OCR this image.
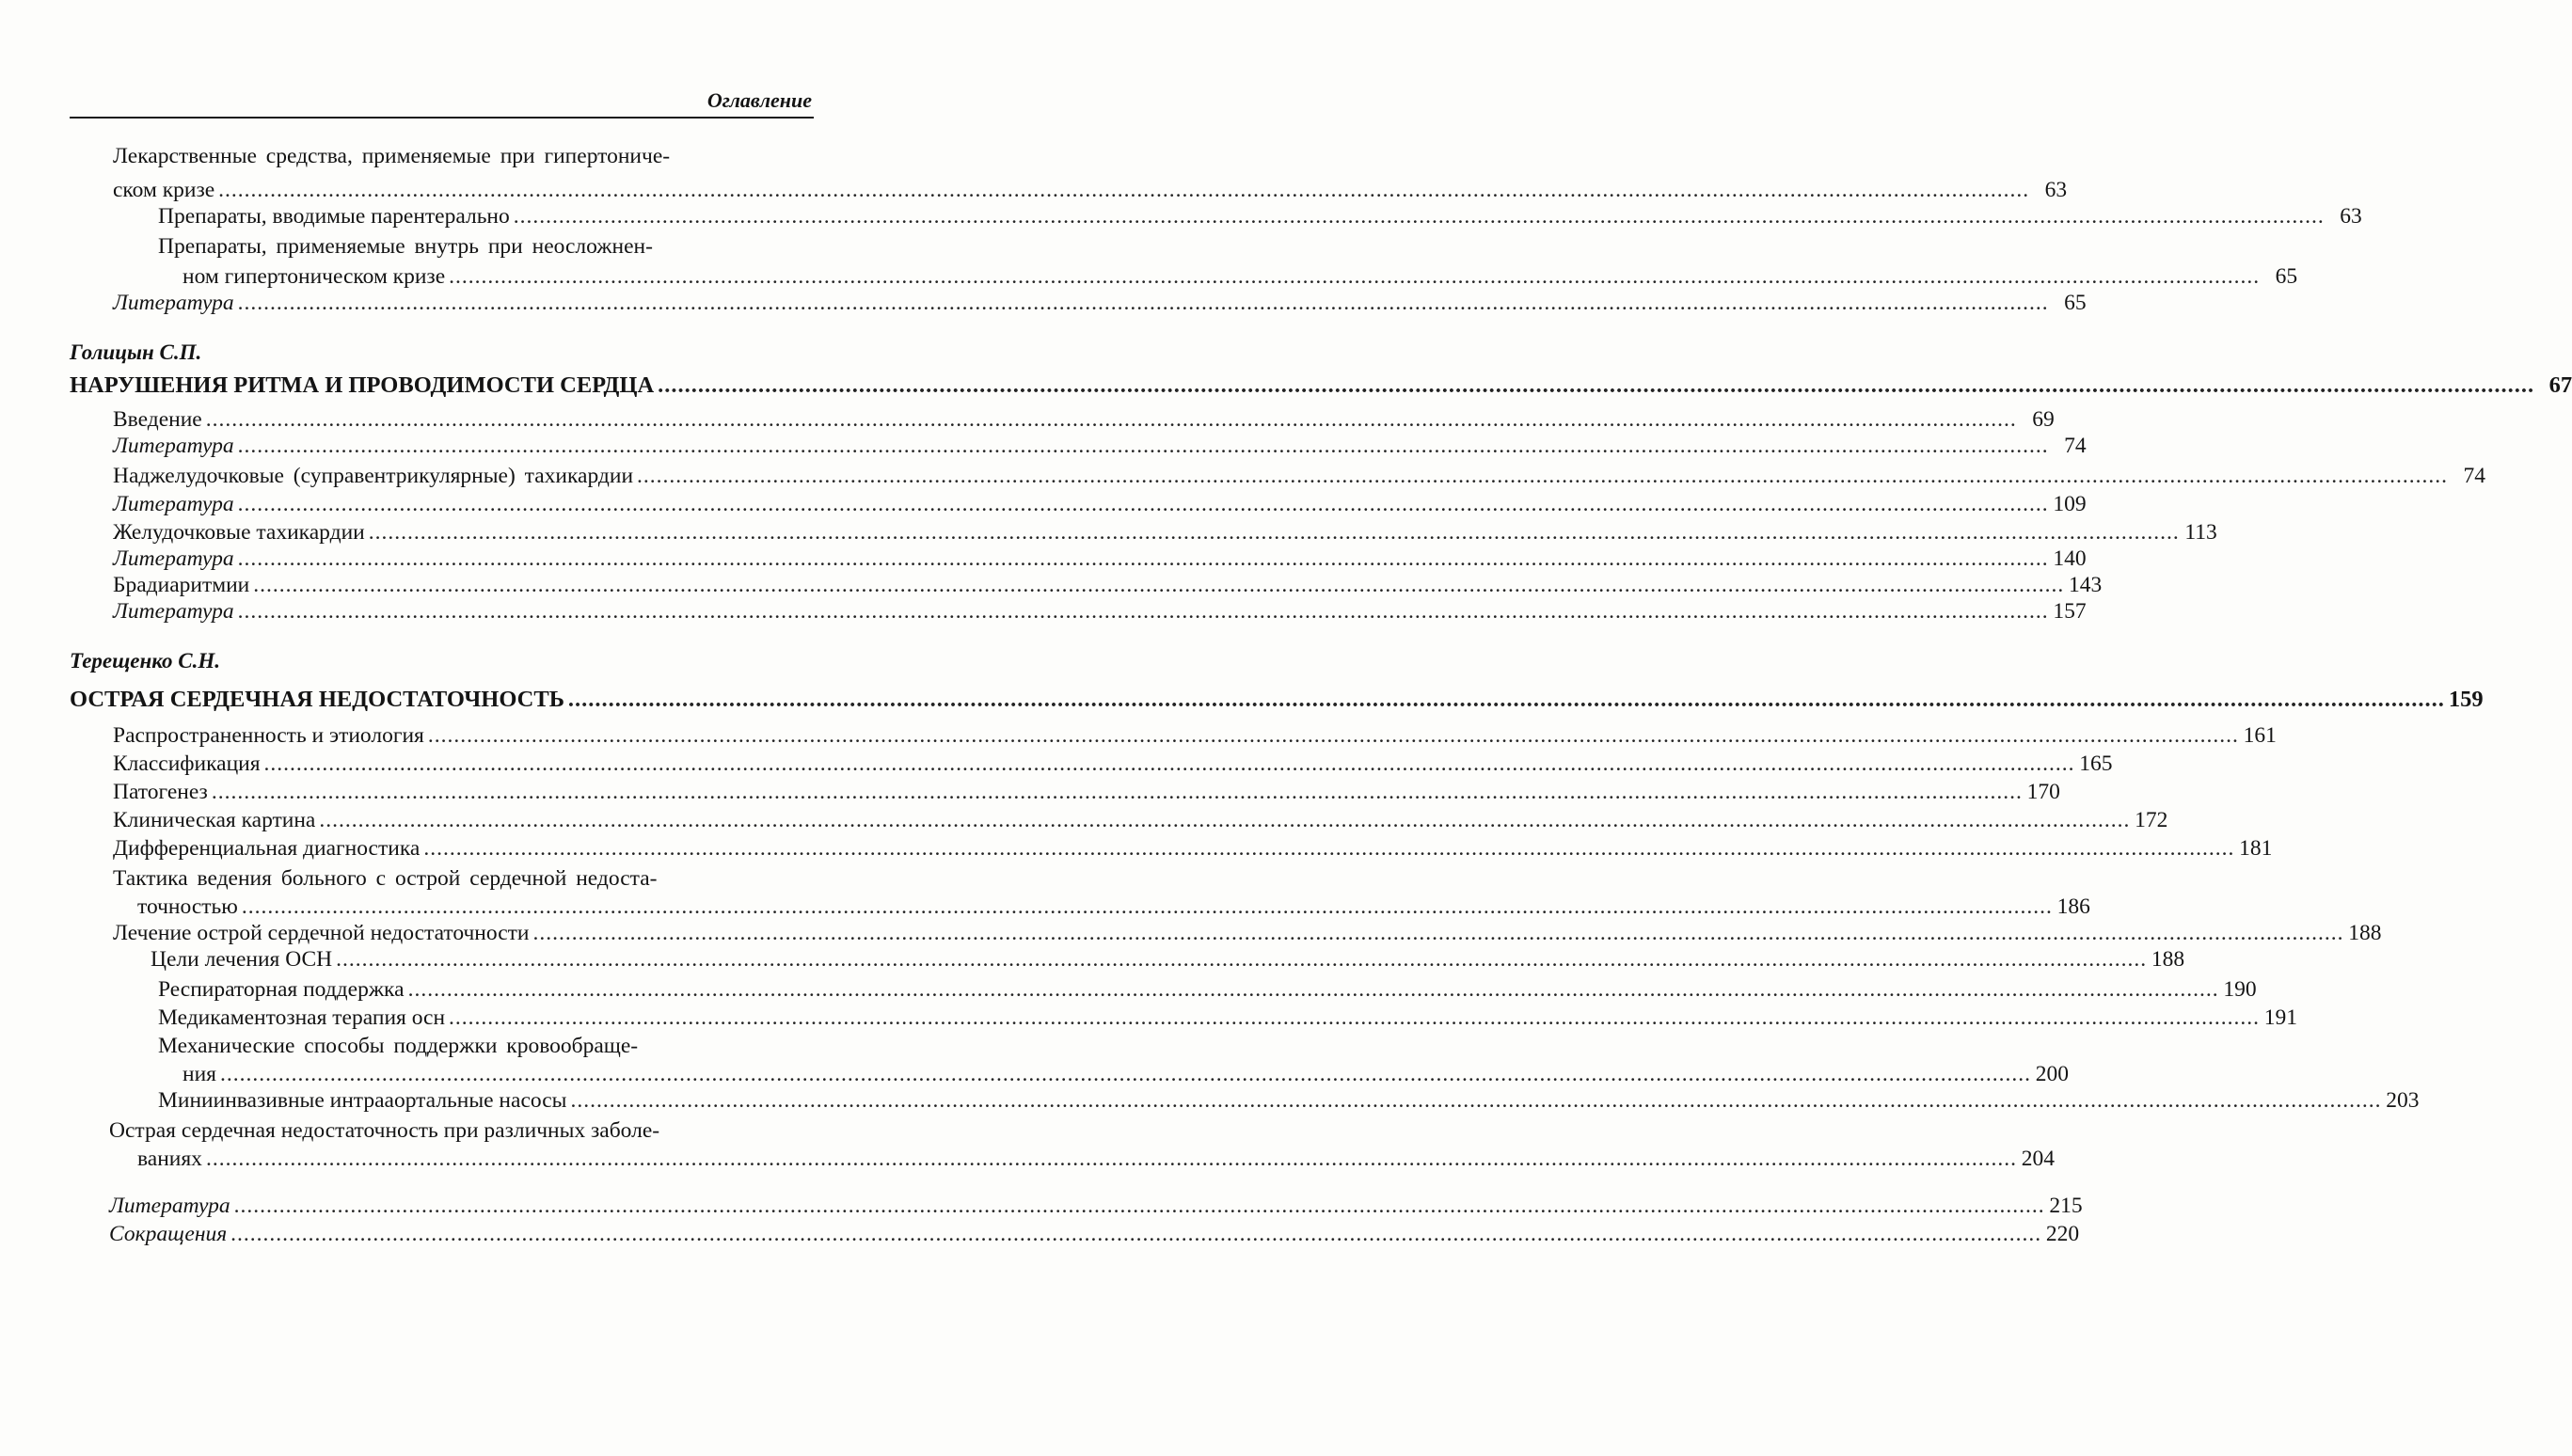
Оглавление
Лекарственные средства, применяемые при гипертониче-
ском кризе ........................................................................................................................................................................................................................................................................................ 63
Препараты, вводимые парентерально ........................................................................................................................................................................................................................................................................................ 63
Препараты, применяемые внутрь при неосложнен-
ном гипертоническом кризе ........................................................................................................................................................................................................................................................................................ 65
Литература ........................................................................................................................................................................................................................................................................................ 65
Голицын С.П.
НАРУШЕНИЯ РИТМА И ПРОВОДИМОСТИ СЕРДЦА ........................................................................................................................................................................................................................................................................................ 67
Введение ........................................................................................................................................................................................................................................................................................ 69
Литература ........................................................................................................................................................................................................................................................................................ 74
Наджелудочковые (суправентрикулярные) тахикардии ........................................................................................................................................................................................................................................................................................ 74
Литература ........................................................................................................................................................................................................................................................................................ 109
Желудочковые тахикардии ........................................................................................................................................................................................................................................................................................ 113
Литература ........................................................................................................................................................................................................................................................................................ 140
Брадиаритмии ........................................................................................................................................................................................................................................................................................ 143
Литература ........................................................................................................................................................................................................................................................................................ 157
Терещенко С.Н.
ОСТРАЯ СЕРДЕЧНАЯ НЕДОСТАТОЧНОСТЬ ........................................................................................................................................................................................................................................................................................ 159
Распространенность и этиология ........................................................................................................................................................................................................................................................................................ 161
Классификация ........................................................................................................................................................................................................................................................................................ 165
Патогенез ........................................................................................................................................................................................................................................................................................ 170
Клиническая картина ........................................................................................................................................................................................................................................................................................ 172
Дифференциальная диагностика ........................................................................................................................................................................................................................................................................................ 181
Тактика ведения больного с острой сердечной недоста-
точностью ........................................................................................................................................................................................................................................................................................ 186
Лечение острой сердечной недостаточности ........................................................................................................................................................................................................................................................................................ 188
Цели лечения ОСН ........................................................................................................................................................................................................................................................................................ 188
Респираторная поддержка ........................................................................................................................................................................................................................................................................................ 190
Медикаментозная терапия осн ........................................................................................................................................................................................................................................................................................ 191
Механические способы поддержки кровообраще-
ния ........................................................................................................................................................................................................................................................................................ 200
Миниинвазивные интрааортальные насосы ........................................................................................................................................................................................................................................................................................ 203
Острая сердечная недостаточность при различных заболе-
ваниях ........................................................................................................................................................................................................................................................................................ 204
Литература ........................................................................................................................................................................................................................................................................................ 215
Сокращения ........................................................................................................................................................................................................................................................................................ 220
